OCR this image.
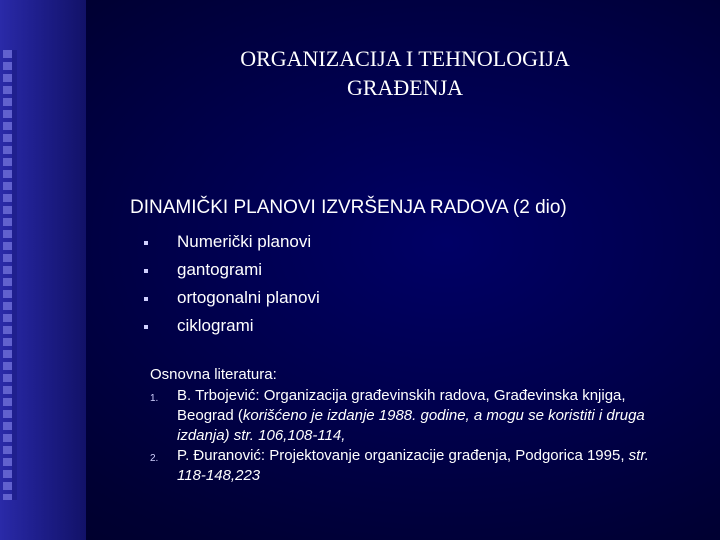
ORGANIZACIJA I TEHNOLOGIJA
GRAĐENJA
DINAMIČKI PLANOVI IZVRŠENJA RADOVA (2 dio)
Numerički planovi
gantogrami
ortogonalni planovi
ciklogrami
Osnovna literatura:
1. B. Trbojević: Organizacija građevinskih radova, Građevinska knjiga, Beograd (korišćeno je izdanje 1988. godine, a mogu se koristiti i druga izdanja) str. 106,108-114,
2. P. Đuranović: Projektovanje organizacije građenja, Podgorica 1995, str. 118-148,223
